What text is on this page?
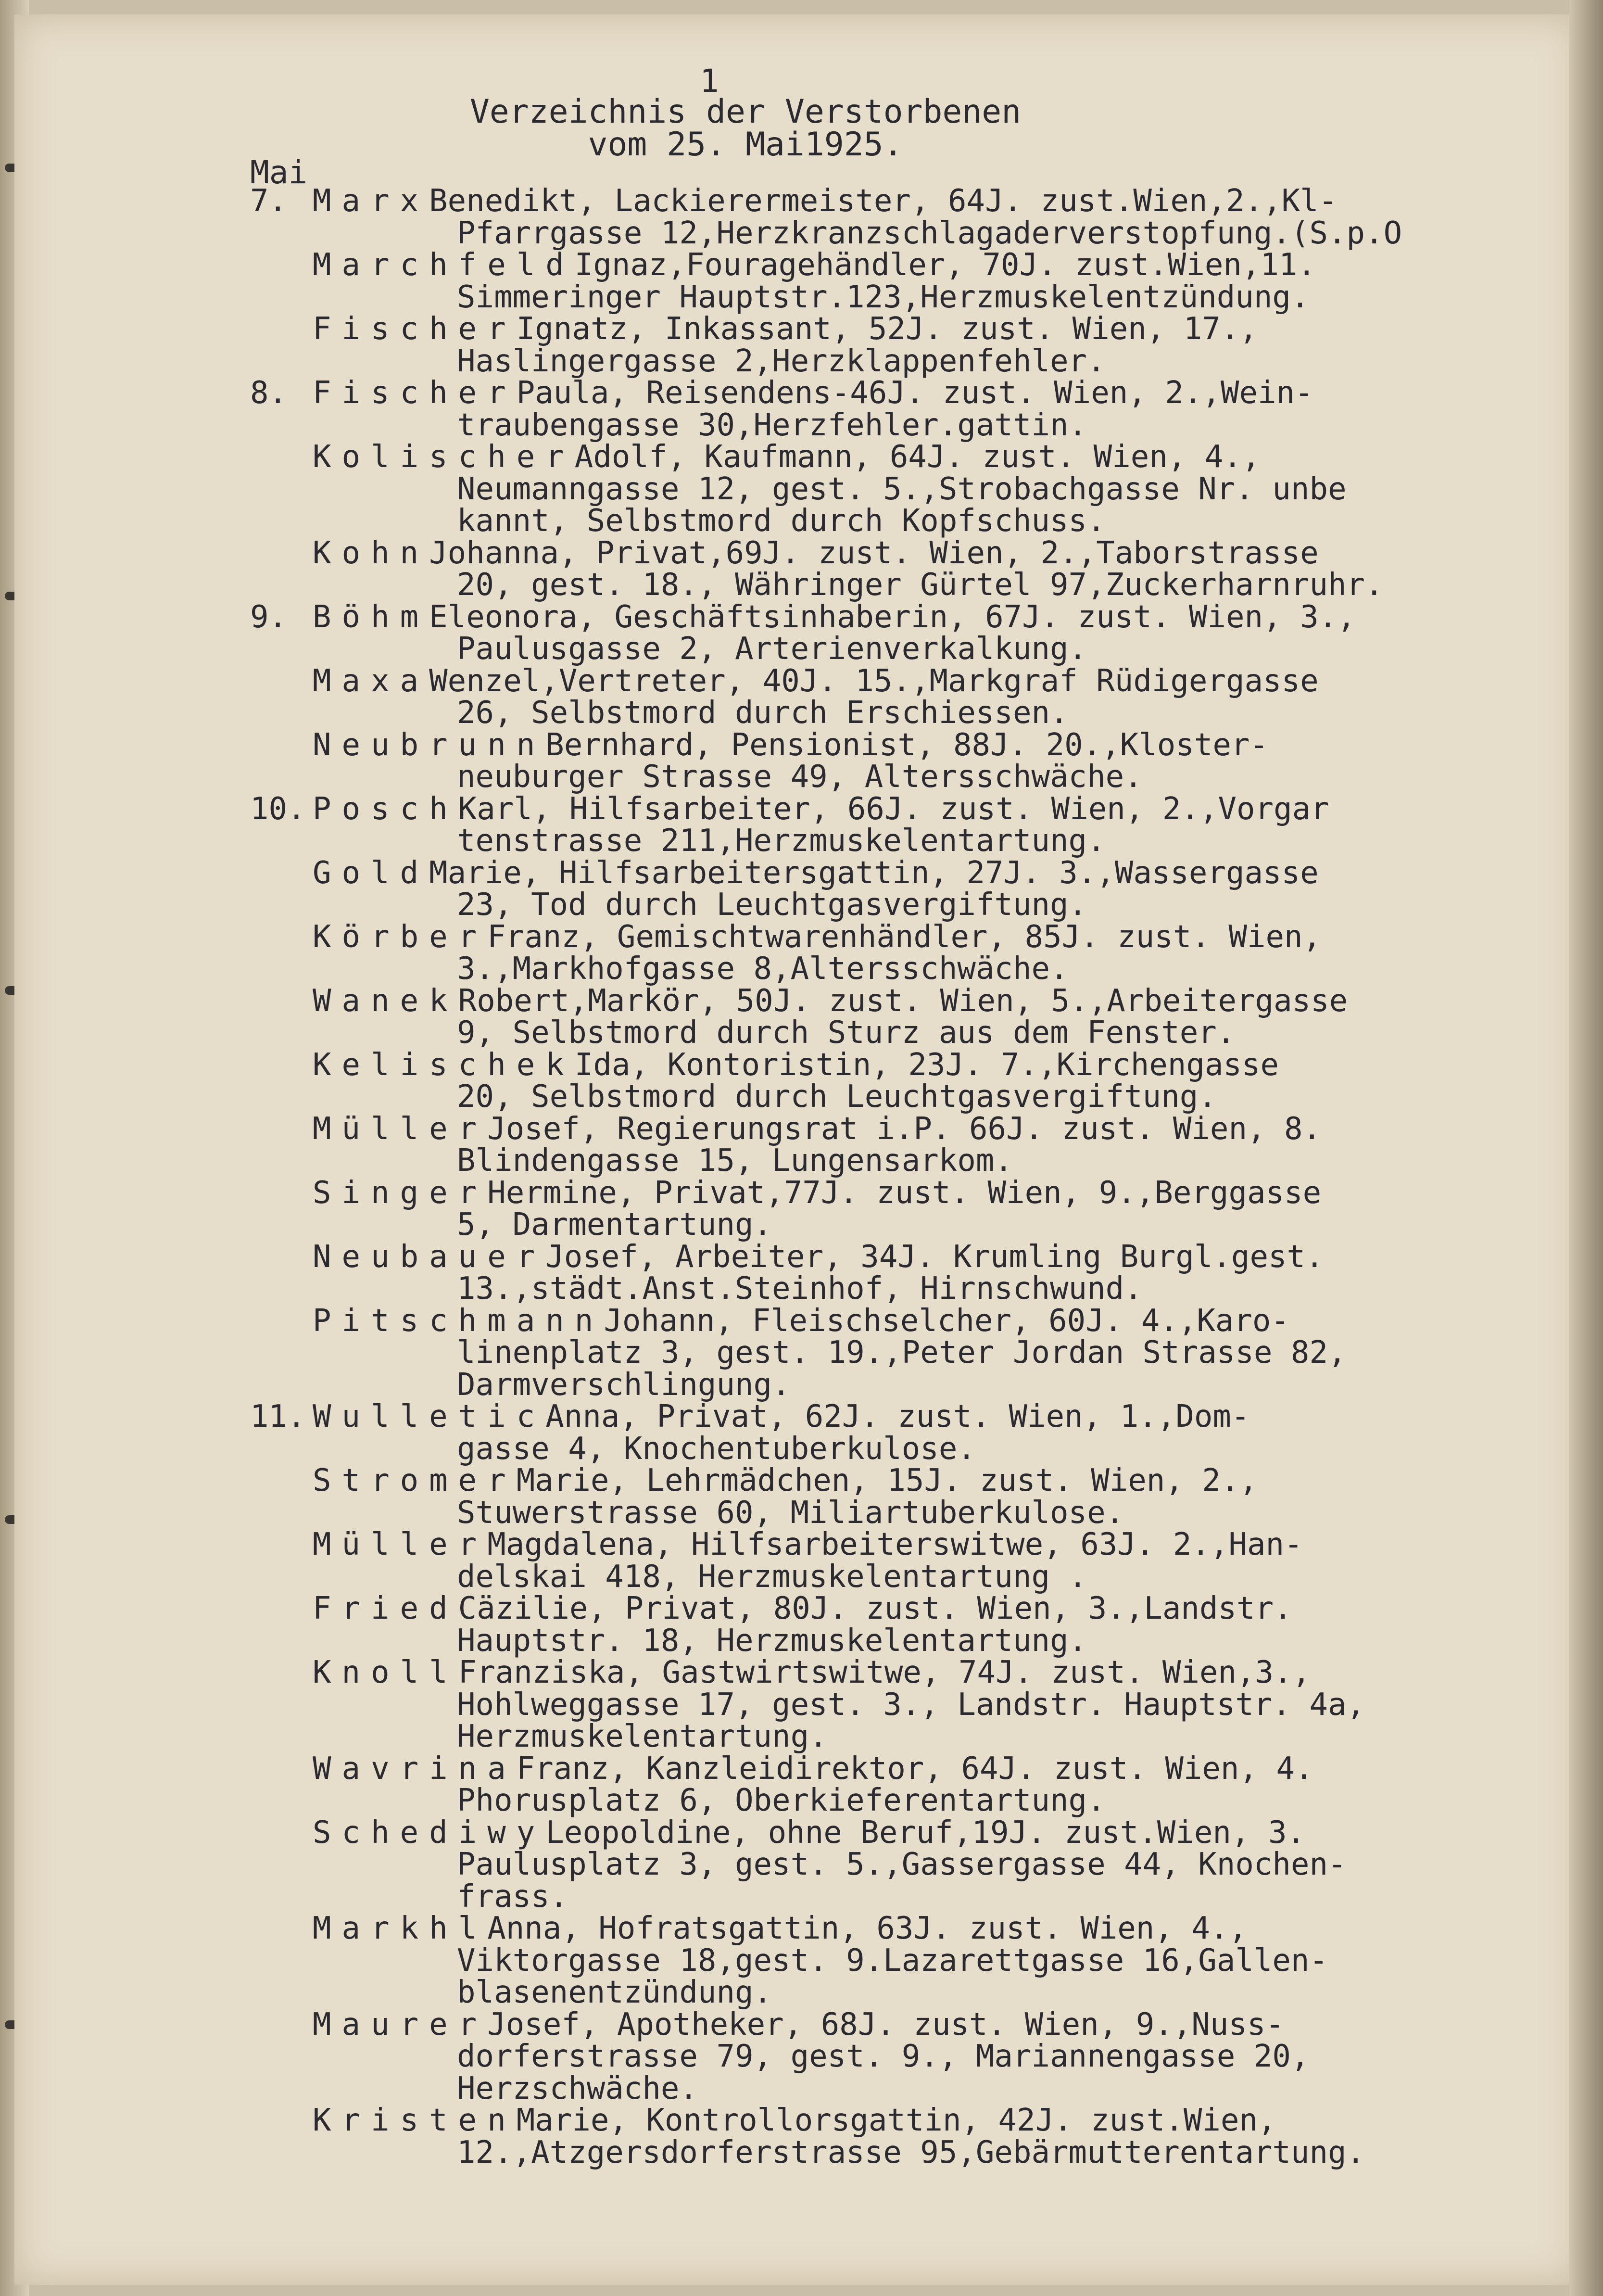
1
Verzeichnis der Verstorbenen
vom 25. Mai1925.
Mai
7. MarxBenedikt, Lackierermeister, 64J. zust.Wien,2.,Kl-
Pfarrgasse 12,Herzkranzschlagaderverstopfung.(S.p.O
MarchfeldIgnaz,Fouragehändler, 70J. zust.Wien,11.
Simmeringer Hauptstr.123,Herzmuskelentzündung.
FischerIgnatz, Inkassant, 52J. zust. Wien, 17.,
Haslingergasse 2,Herzklappenfehler.
8. FischerPaula, Reisendens-46J. zust. Wien, 2.,Wein-
traubengasse 30,Herzfehler.gattin.
KolischerAdolf, Kaufmann, 64J. zust. Wien, 4.,
Neumanngasse 12, gest. 5.,Strobachgasse Nr. unbe
kannt, Selbstmord durch Kopfschuss.
KohnJohanna, Privat,69J. zust. Wien, 2.,Taborstrasse
20, gest. 18., Währinger Gürtel 97,Zuckerharnruhr.
9. BöhmEleonora, Geschäftsinhaberin, 67J. zust. Wien, 3.,
Paulusgasse 2, Arterienverkalkung.
MaxaWenzel,Vertreter, 40J. 15.,Markgraf Rüdigergasse
26, Selbstmord durch Erschiessen.
NeubrunnBernhard, Pensionist, 88J. 20.,Kloster-
neuburger Strasse 49, Altersschwäche.
10. PoschKarl, Hilfsarbeiter, 66J. zust. Wien, 2.,Vorgar
tenstrasse 211,Herzmuskelentartung.
GoldMarie, Hilfsarbeitersgattin, 27J. 3.,Wassergasse
23, Tod durch Leuchtgasvergiftung.
KörberFranz, Gemischtwarenhändler, 85J. zust. Wien,
3.,Markhofgasse 8,Altersschwäche.
WanekRobert,Markör, 50J. zust. Wien, 5.,Arbeitergasse
9, Selbstmord durch Sturz aus dem Fenster.
KelischekIda, Kontoristin, 23J. 7.,Kirchengasse
20, Selbstmord durch Leuchtgasvergiftung.
MüllerJosef, Regierungsrat i.P. 66J. zust. Wien, 8.
Blindengasse 15, Lungensarkom.
SingerHermine, Privat,77J. zust. Wien, 9.,Berggasse
5, Darmentartung.
NeubauerJosef, Arbeiter, 34J. Krumling Burgl.gest.
13.,städt.Anst.Steinhof, Hirnschwund.
PitschmannJohann, Fleischselcher, 60J. 4.,Karo-
linenplatz 3, gest. 19.,Peter Jordan Strasse 82,
Darmverschlingung.
11. WulleticAnna, Privat, 62J. zust. Wien, 1.,Dom-
gasse 4, Knochentuberkulose.
StromerMarie, Lehrmädchen, 15J. zust. Wien, 2.,
Stuwerstrasse 60, Miliartuberkulose.
MüllerMagdalena, Hilfsarbeiterswitwe, 63J. 2.,Han-
delskai 418, Herzmuskelentartung .
FriedCäzilie, Privat, 80J. zust. Wien, 3.,Landstr.
Hauptstr. 18, Herzmuskelentartung.
KnollFranziska, Gastwirtswitwe, 74J. zust. Wien,3.,
Hohlweggasse 17, gest. 3., Landstr. Hauptstr. 4a,
Herzmuskelentartung.
WavrinaFranz, Kanzleidirektor, 64J. zust. Wien, 4.
Phorusplatz 6, Oberkieferentartung.
SchediwyLeopoldine, ohne Beruf,19J. zust.Wien, 3.
Paulusplatz 3, gest. 5.,Gassergasse 44, Knochen-
frass.
MarkhlAnna, Hofratsgattin, 63J. zust. Wien, 4.,
Viktorgasse 18,gest. 9.Lazarettgasse 16,Gallen-
blasenentzündung.
MaurerJosef, Apotheker, 68J. zust. Wien, 9.,Nuss-
dorferstrasse 79, gest. 9., Mariannengasse 20,
Herzschwäche.
KristenMarie, Kontrollorsgattin, 42J. zust.Wien,
12.,Atzgersdorferstrasse 95,Gebärmutterentartung.
